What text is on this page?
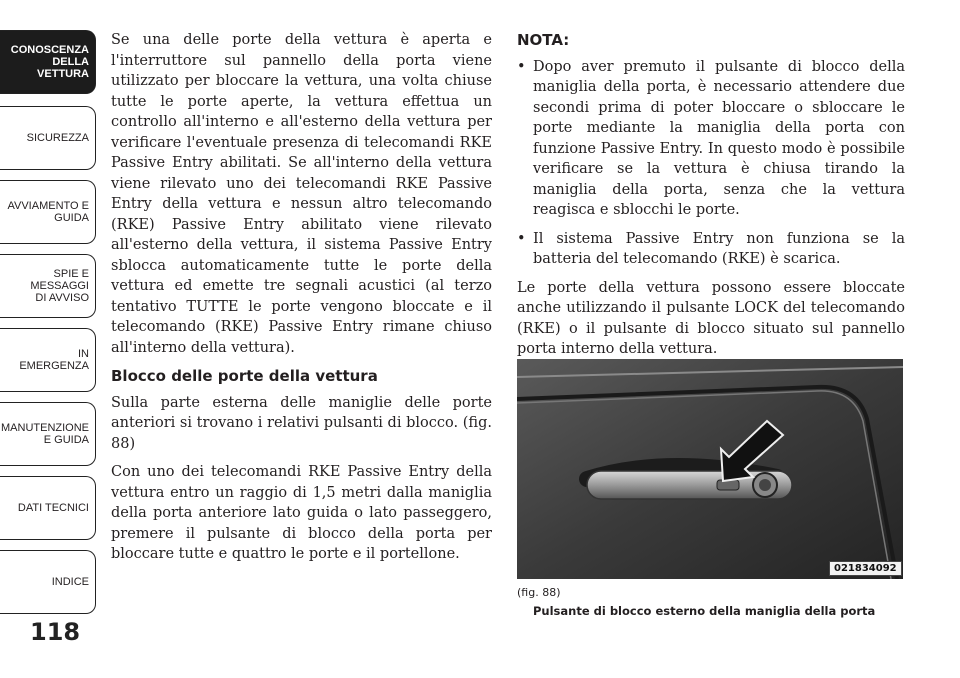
CONOSCENZA
DELLA VETTURA
SICUREZZA
AVVIAMENTO E
GUIDA
SPIE E
MESSAGGI
DI AVVISO
IN
EMERGENZA
MANUTENZIONE
E GUIDA
DATI TECNICI
INDICE
118

Se una delle porte della vettura è aperta e l'interruttore sul pannello della porta viene utilizzato per bloccare la vettura, una volta chiuse tutte le porte aperte, la vettura effettua un controllo all'interno e all'esterno della vettura per verificare l'eventuale presenza di telecomandi RKE Passive Entry abilitati. Se all'interno della vettura viene rilevato uno dei telecomandi RKE Passive Entry della vettura e nessun altro telecomando (RKE) Passive Entry abilitato viene rilevato all'esterno della vettura, il sistema Passive Entry sblocca automaticamente tutte le porte della vettura ed emette tre segnali acustici (al terzo tentativo TUTTE le porte vengono bloccate e il telecomando (RKE) Passive Entry rimane chiuso all'interno della vettura).

Blocco delle porte della vettura

Sulla parte esterna delle maniglie delle porte anteriori si trovano i relativi pulsanti di blocco. (fig. 88)

Con uno dei telecomandi RKE Passive Entry della vettura entro un raggio di 1,5 metri dalla maniglia della porta anteriore lato guida o lato passeggero, premere il pulsante di blocco della porta per bloccare tutte e quattro le porte e il portellone.

NOTA:

• Dopo aver premuto il pulsante di blocco della maniglia della porta, è necessario attendere due secondi prima di poter bloccare o sbloccare le porte mediante la maniglia della porta con funzione Passive Entry. In questo modo è possibile verificare se la vettura è chiusa tirando la maniglia della porta, senza che la vettura reagisca e sblocchi le porte.

• Il sistema Passive Entry non funziona se la batteria del telecomando (RKE) è scarica.

Le porte della vettura possono essere bloccate anche utilizzando il pulsante LOCK del telecomando (RKE) o il pulsante di blocco situato sul pannello porta interno della vettura.

021834092
(fig. 88)
Pulsante di blocco esterno della maniglia della porta
